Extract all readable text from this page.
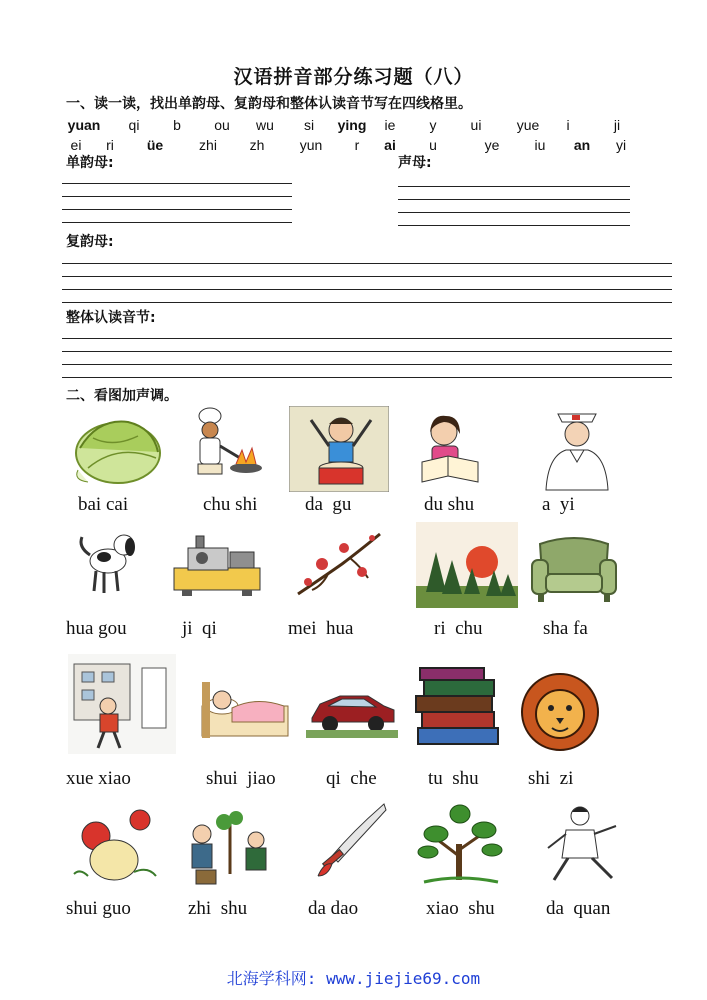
汉语拼音部分练习题（八）
一、读一读，找出单韵母、复韵母和整体认读音节写在四线格里。
yuan	qi	b	ou	wu	si	ying	ie	y	ui	yue	i	ji
ei	ri	üe	zhi	zh	yun	r	ai	u	ye	iu	an	yi
单韵母:	声母:
复韵母:
整体认读音节:
二、看图加声调。
bai cai	chu shi	da  gu	du shu	a  yi
hua gou	ji  qi	mei  hua	ri  chu	sha fa
xue xiao	shui  jiao	qi  che	tu  shu	shi  zi
shui guo	zhi  shu	da dao	xiao  shu	da  quan
北海学科网: www.jiejie69.com
